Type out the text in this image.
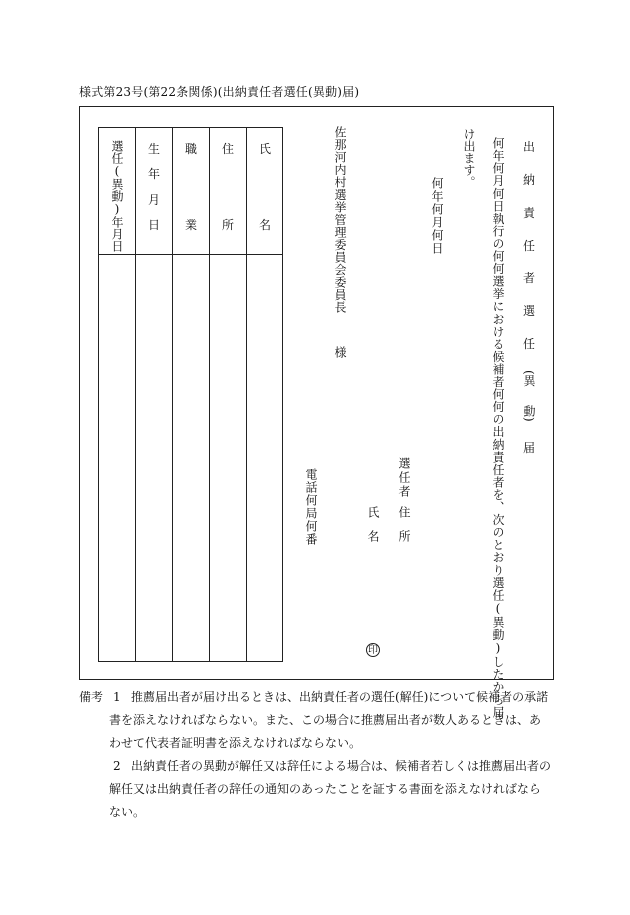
様式第23号(第22条関係)(出納責任者選任(異動)届)
出
納
責
任
者
選
任
(異
動)
届
何年何月何日執行の何何選挙における候補者何何の出納責任者を、次のとおり選任(異動)したから届
け出ます。
何年何月何日
選任者
住　所
氏　名
印
電話何局何番
佐那河内村選挙管理委員会委員長
様
選任(異動)年月日 生
年
月
日
職
業
住
所
氏
名
備考 1 推薦届出者が届け出るときは、出納責任者の選任(解任)について候補者の承諾
書を添えなければならない。また、この場合に推薦届出者が数人あるときは、あ
わせて代表者証明書を添えなければならない。
2 出納責任者の異動が解任又は辞任による場合は、候補者若しくは推薦届出者の
解任又は出納責任者の辞任の通知のあったことを証する書面を添えなければなら
ない。
